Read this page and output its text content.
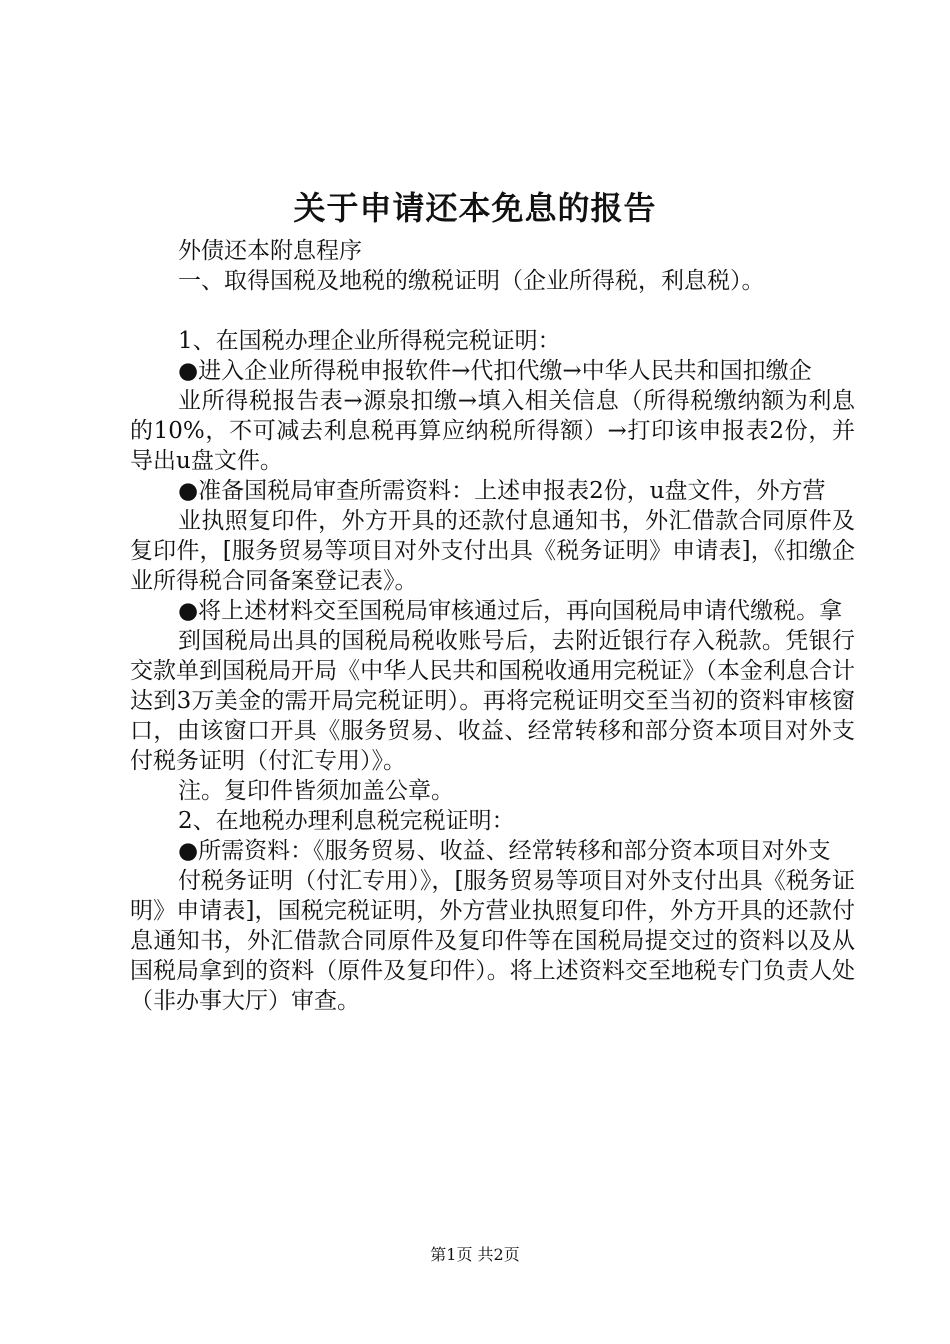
关于申请还本免息的报告

外债还本附息程序

一、取得国税及地税的缴税证明（企业所得税，利息税）。

1、在国税办理企业所得税完税证明：

●进入企业所得税申报软件→代扣代缴→中华人民共和国扣缴企

业所得税报告表→源泉扣缴→填入相关信息（所得税缴纳额为利息的10%，不可减去利息税再算应纳税所得额）→打印该申报表2份，并导出u盘文件。

●准备国税局审查所需资料：上述申报表2份，u盘文件，外方营

业执照复印件，外方开具的还款付息通知书，外汇借款合同原件及复印件，[服务贸易等项目对外支付出具《税务证明》申请表]，《扣缴企业所得税合同备案登记表》。

●将上述材料交至国税局审核通过后，再向国税局申请代缴税。拿

到国税局出具的国税局税收账号后，去附近银行存入税款。凭银行交款单到国税局开局《中华人民共和国税收通用完税证》（本金利息合计达到3万美金的需开局完税证明）。再将完税证明交至当初的资料审核窗口，由该窗口开具《服务贸易、收益、经常转移和部分资本项目对外支付税务证明（付汇专用）》。

注。复印件皆须加盖公章。

2、在地税办理利息税完税证明：

●所需资料：《服务贸易、收益、经常转移和部分资本项目对外支

付税务证明（付汇专用）》，[服务贸易等项目对外支付出具《税务证明》申请表]，国税完税证明，外方营业执照复印件，外方开具的还款付息通知书，外汇借款合同原件及复印件等在国税局提交过的资料以及从国税局拿到的资料（原件及复印件）。将上述资料交至地税专门负责人处（非办事大厅）审查。

第1页 共2页
